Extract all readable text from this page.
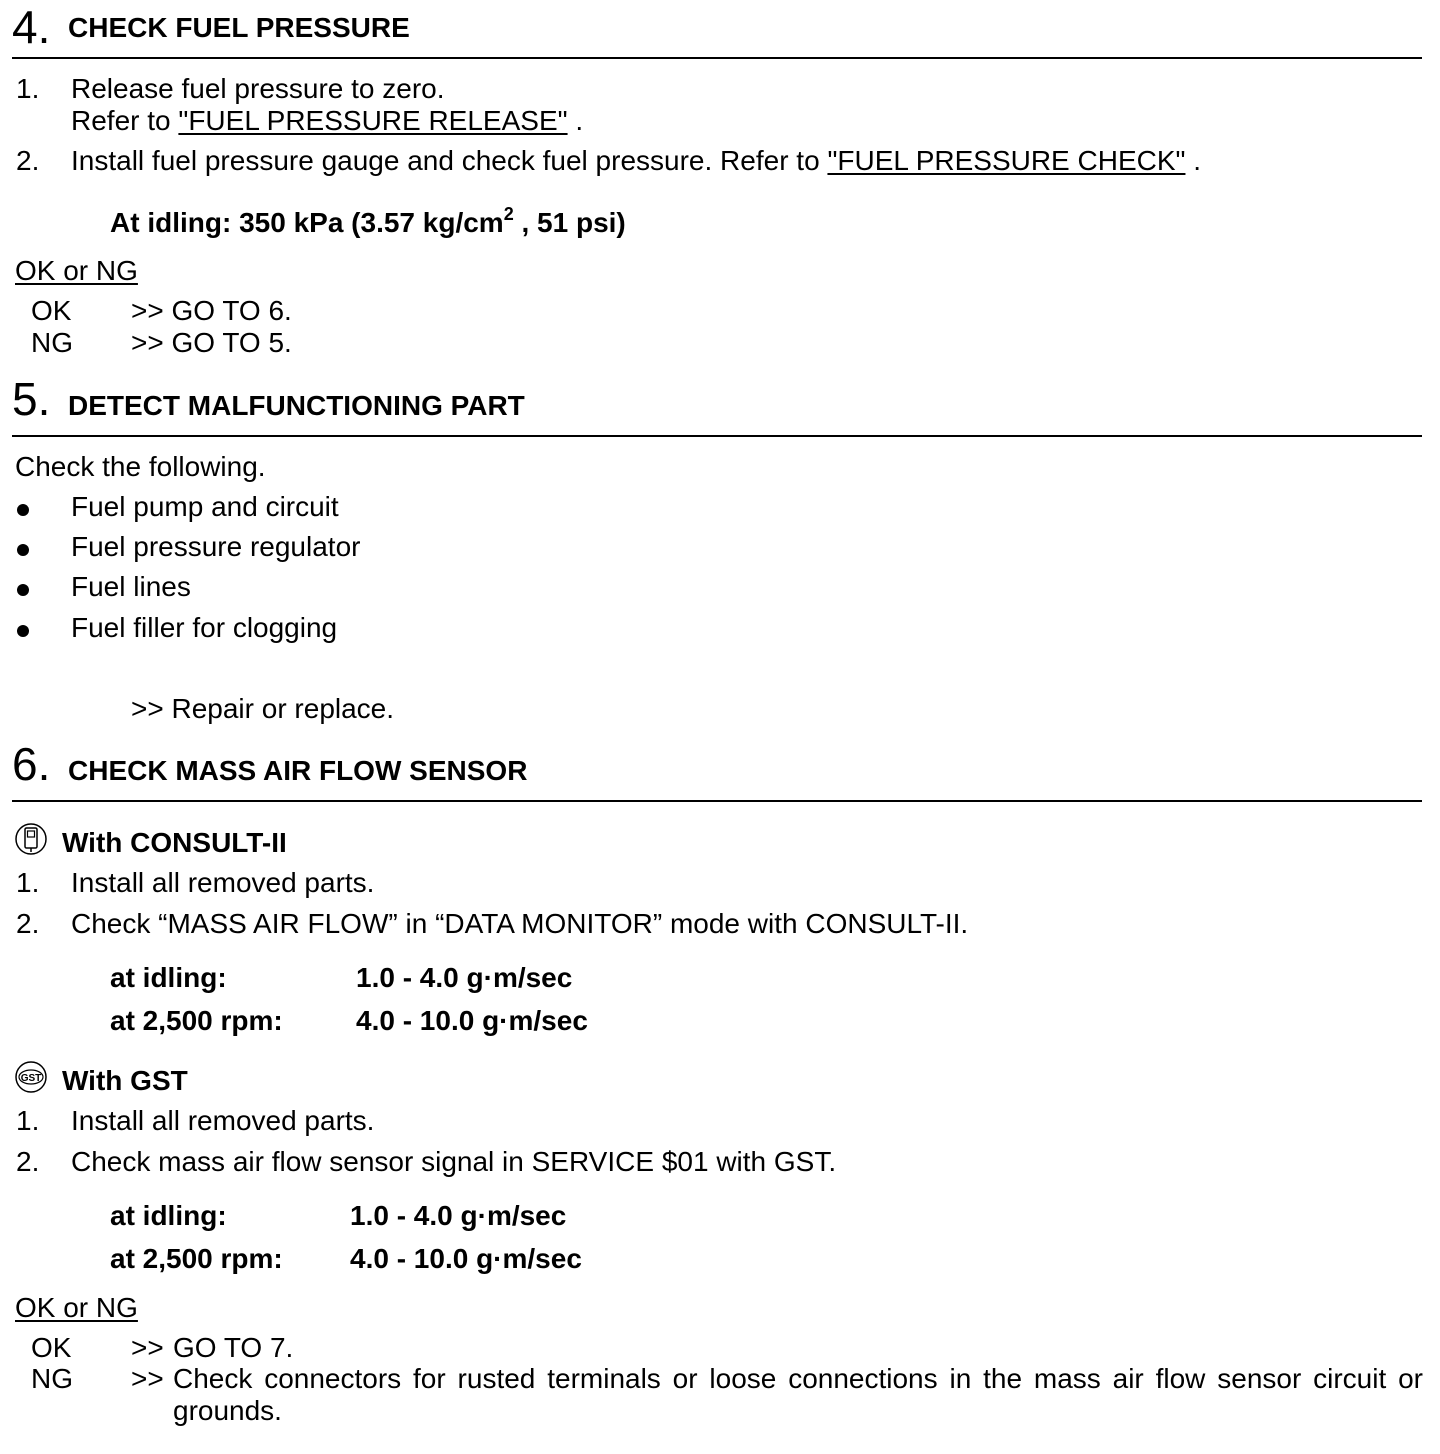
4. CHECK FUEL PRESSURE
1. Release fuel pressure to zero.
Refer to "FUEL PRESSURE RELEASE" .
2. Install fuel pressure gauge and check fuel pressure. Refer to "FUEL PRESSURE CHECK" .
At idling: 350 kPa (3.57 $kg/cm^2$ , 51 psi)
OK or NG
OK >> GO TO 6.
NG >> GO TO 5.
5. DETECT MALFUNCTIONING PART
Check the following.
Fuel pump and circuit
Fuel pressure regulator
Fuel lines
Fuel filler for clogging
>> Repair or replace.
6. CHECK MASS AIR FLOW SENSOR
With CONSULT-II
1. Install all removed parts.
2. Check “MASS AIR FLOW” in “DATA MONITOR” mode with CONSULT-II.
at idling:	1.0 - 4.0 g·m/sec
at 2,500 rpm:	4.0 - 10.0 g·m/sec
GST With GST
1. Install all removed parts.
2. Check mass air flow sensor signal in SERVICE $01 with GST.
at idling:	1.0 - 4.0 g·m/sec
at 2,500 rpm: 4.0 - 10.0 g·m/sec
OK or NG
OK >> GO TO 7.
NG >> Check connectors for rusted terminals or loose connections in the mass air flow sensor circuit or grounds.
